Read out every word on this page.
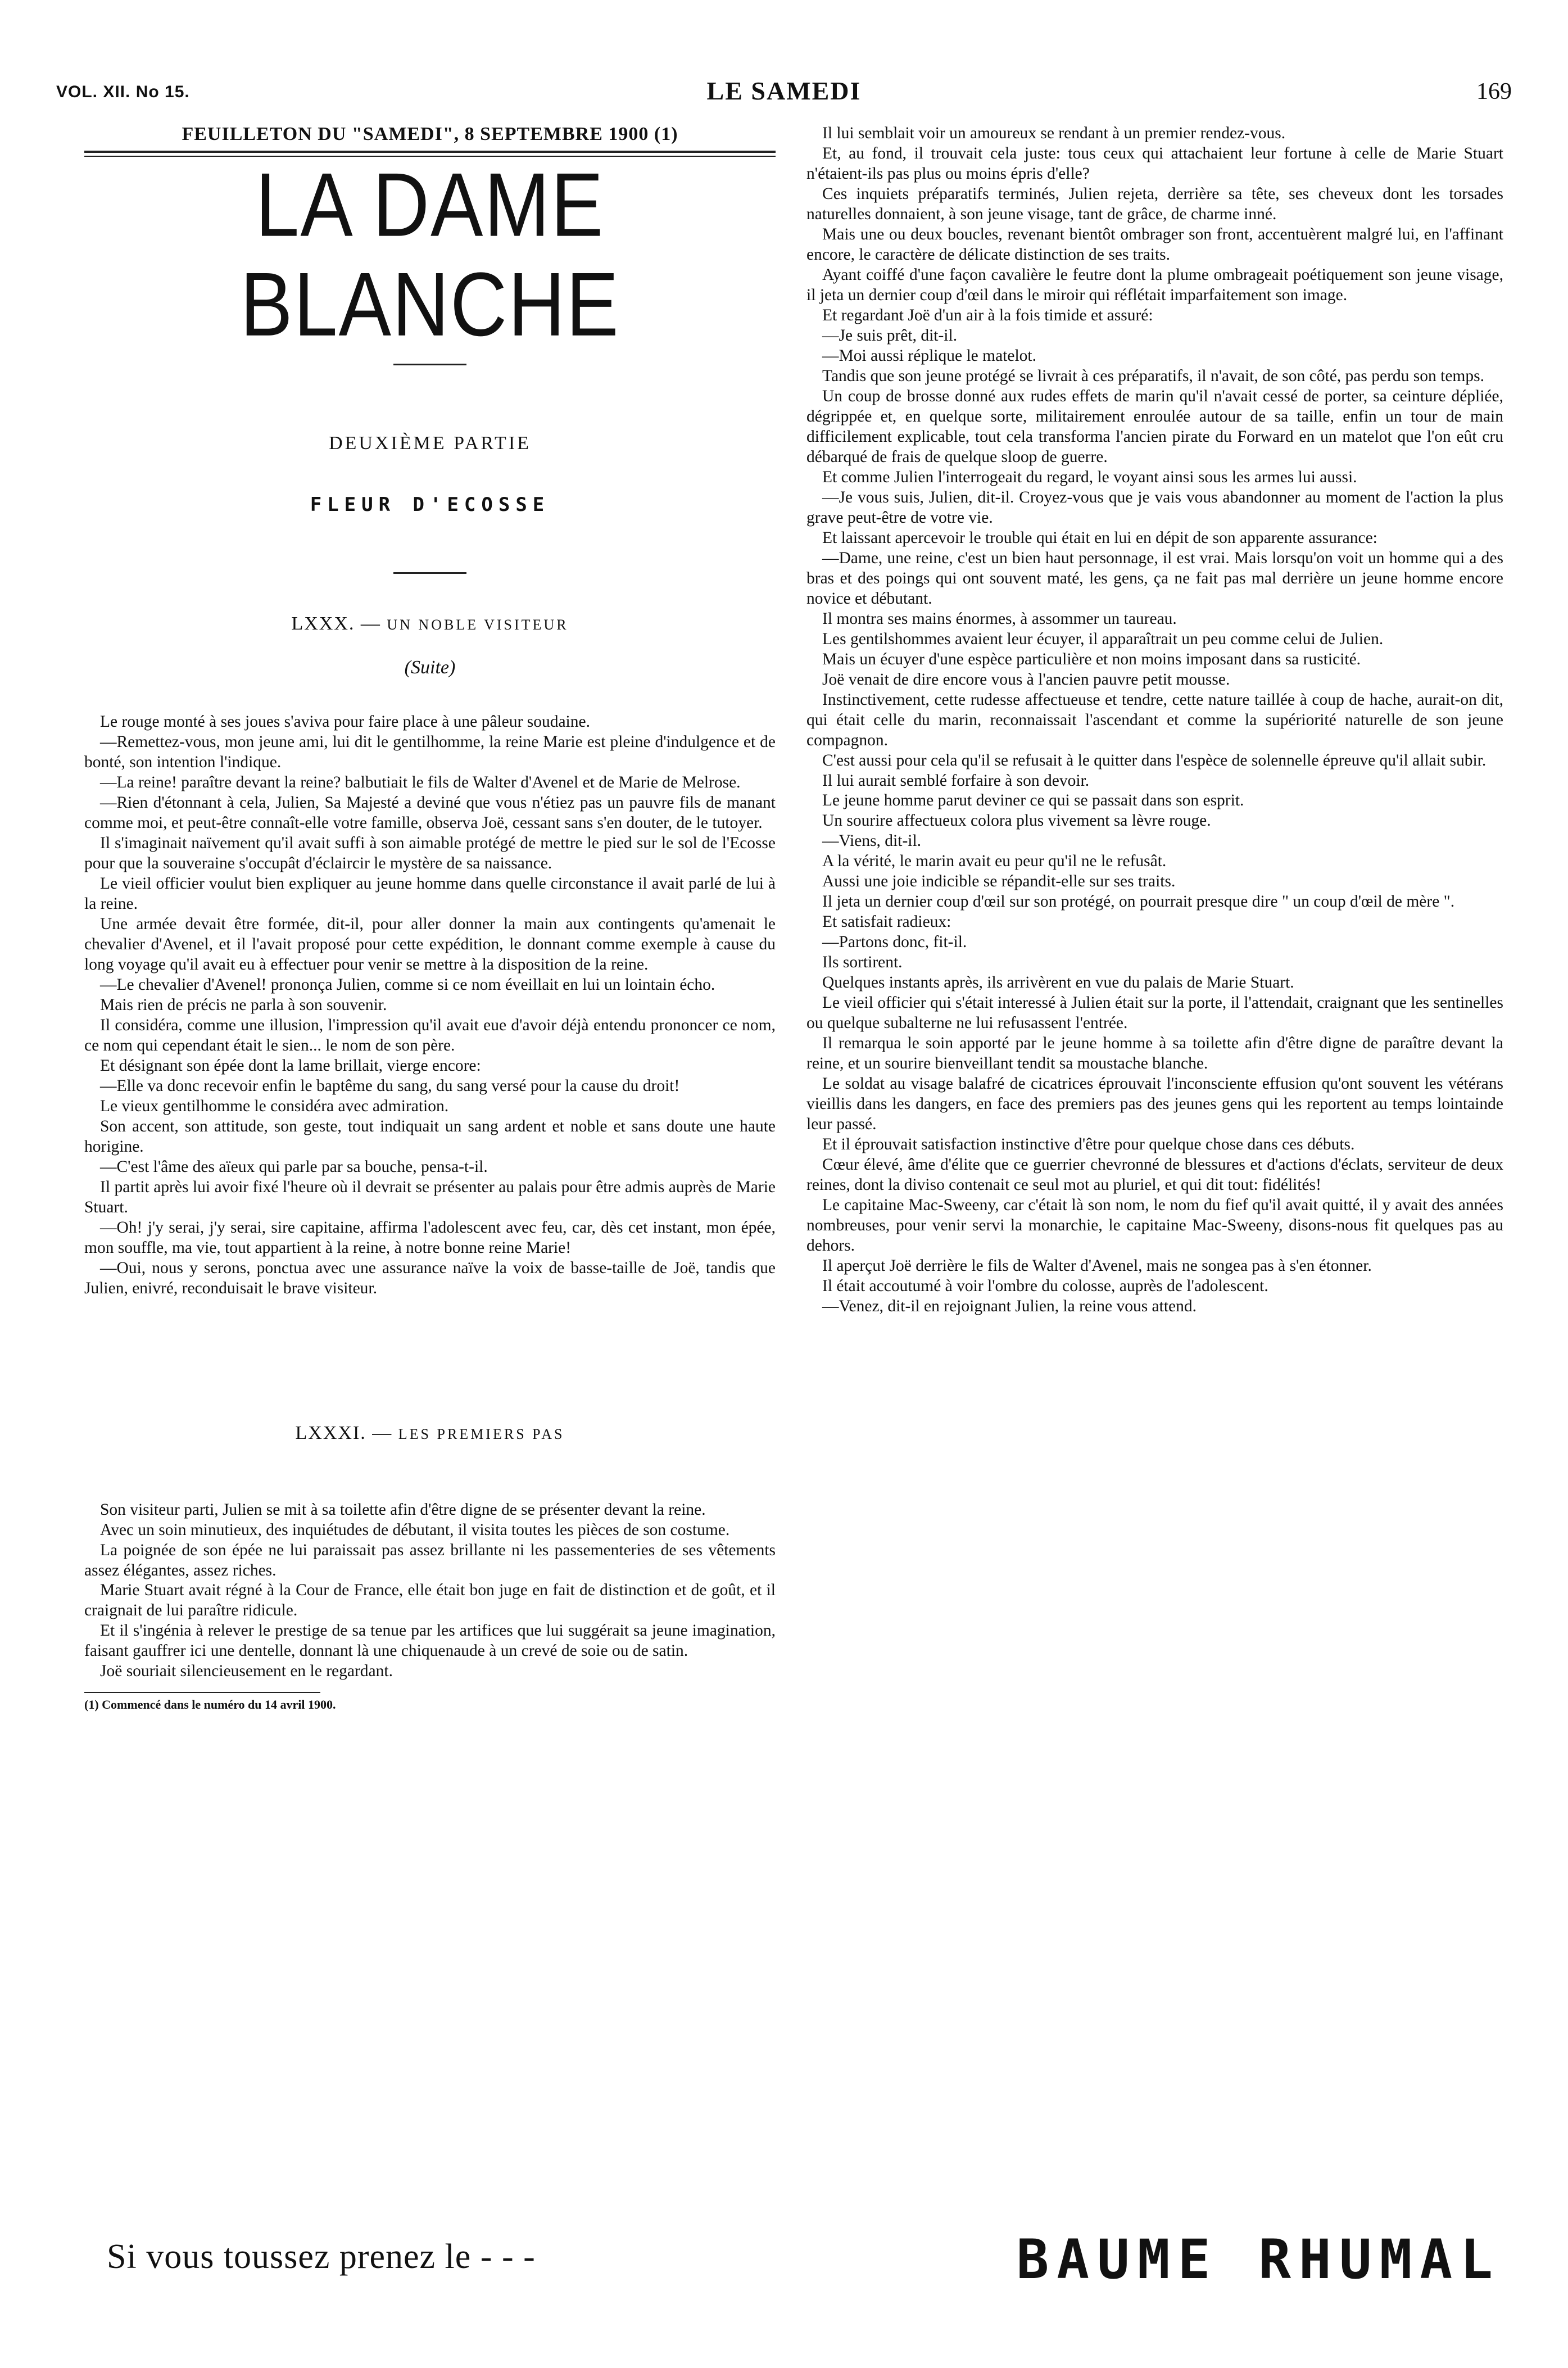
VOL. XII. No 15.	LE SAMEDI	169
FEUILLETON DU "SAMEDI", 8 SEPTEMBRE 1900 (1)
LA DAME BLANCHE
DEUXIÈME PARTIE
FLEUR D'ECOSSE
LXXX. — UN NOBLE VISITEUR
(Suite)

Le rouge monté à ses joues s'aviva pour faire place à une pâleur soudaine.

—Remettez-vous, mon jeune ami, lui dit le gentilhomme, la reine Marie est pleine d'indulgence et de bonté, son intention l'indique.

—La reine! paraître devant la reine? balbutiait le fils de Walter d'Avenel et de Marie de Melrose.

—Rien d'étonnant à cela, Julien, Sa Majesté a deviné que vous n'étiez pas un pauvre fils de manant comme moi, et peut-être connaît-elle votre famille, observa Joë, cessant sans s'en douter, de le tutoyer.

Il s'imaginait naïvement qu'il avait suffi à son aimable protégé de mettre le pied sur le sol de l'Ecosse pour que la souveraine s'occupât d'éclaircir le mystère de sa naissance.

Le vieil officier voulut bien expliquer au jeune homme dans quelle circonstance il avait parlé de lui à la reine.

Une armée devait être formée, dit-il, pour aller donner la main aux contingents qu'amenait le chevalier d'Avenel, et il l'avait proposé pour cette expédition, le donnant comme exemple à cause du long voyage qu'il avait eu à effectuer pour venir se mettre à la disposition de la reine.

—Le chevalier d'Avenel! prononça Julien, comme si ce nom éveillait en lui un lointain écho.

Mais rien de précis ne parla à son souvenir.

Il considéra, comme une illusion, l'impression qu'il avait eue d'avoir déjà entendu prononcer ce nom, ce nom qui cependant était le sien... le nom de son père.

Et désignant son épée dont la lame brillait, vierge encore:

—Elle va donc recevoir enfin le baptême du sang, du sang versé pour la cause du droit!

Le vieux gentilhomme le considéra avec admiration.

Son accent, son attitude, son geste, tout indiquait un sang ardent et noble et sans doute une haute horigine.

—C'est l'âme des aïeux qui parle par sa bouche, pensa-t-il.

Il partit après lui avoir fixé l'heure où il devrait se présenter au palais pour être admis auprès de Marie Stuart.

—Oh! j'y serai, j'y serai, sire capitaine, affirma l'adolescent avec feu, car, dès cet instant, mon épée, mon souffle, ma vie, tout appartient à la reine, à notre bonne reine Marie!

—Oui, nous y serons, ponctua avec une assurance naïve la voix de basse-taille de Joë, tandis que Julien, enivré, reconduisait le brave visiteur.

LXXXI. — LES PREMIERS PAS

Son visiteur parti, Julien se mit à sa toilette afin d'être digne de se présenter devant la reine.

Avec un soin minutieux, des inquiétudes de débutant, il visita toutes les pièces de son costume.

La poignée de son épée ne lui paraissait pas assez brillante ni les passementeries de ses vêtements assez élégantes, assez riches.

Marie Stuart avait régné à la Cour de France, elle était bon juge en fait de distinction et de goût, et il craignait de lui paraître ridicule.

Et il s'ingénia à relever le prestige de sa tenue par les artifices que lui suggérait sa jeune imagination, faisant gauffrer ici une dentelle, donnant là une chiquenaude à un crevé de soie ou de satin.

Joë souriait silencieusement en le regardant.

(1) Commencé dans le numéro du 14 avril 1900.

Il lui semblait voir un amoureux se rendant à un premier rendez-vous.

Et, au fond, il trouvait cela juste: tous ceux qui attachaient leur fortune à celle de Marie Stuart n'étaient-ils pas plus ou moins épris d'elle?

Ces inquiets préparatifs terminés, Julien rejeta, derrière sa tête, ses cheveux dont les torsades naturelles donnaient, à son jeune visage, tant de grâce, de charme inné.

Mais une ou deux boucles, revenant bientôt ombrager son front, accentuèrent malgré lui, en l'affinant encore, le caractère de délicate distinction de ses traits.

Ayant coiffé d'une façon cavalière le feutre dont la plume ombrageait poétiquement son jeune visage, il jeta un dernier coup d'œil dans le miroir qui réflétait imparfaitement son image.

Et regardant Joë d'un air à la fois timide et assuré:

—Je suis prêt, dit-il.

—Moi aussi réplique le matelot.

Tandis que son jeune protégé se livrait à ces préparatifs, il n'avait, de son côté, pas perdu son temps.

Un coup de brosse donné aux rudes effets de marin qu'il n'avait cessé de porter, sa ceinture dépliée, dégrippée et, en quelque sorte, militairement enroulée autour de sa taille, enfin un tour de main difficilement explicable, tout cela transforma l'ancien pirate du Forward en un matelot que l'on eût cru débarqué de frais de quelque sloop de guerre.

Et comme Julien l'interrogeait du regard, le voyant ainsi sous les armes lui aussi.

—Je vous suis, Julien, dit-il. Croyez-vous que je vais vous abandonner au moment de l'action la plus grave peut-être de votre vie.

Et laissant apercevoir le trouble qui était en lui en dépit de son apparente assurance:

—Dame, une reine, c'est un bien haut personnage, il est vrai. Mais lorsqu'on voit un homme qui a des bras et des poings qui ont souvent maté, les gens, ça ne fait pas mal derrière un jeune homme encore novice et débutant.

Il montra ses mains énormes, à assommer un taureau.

Les gentilshommes avaient leur écuyer, il apparaîtrait un peu comme celui de Julien.

Mais un écuyer d'une espèce particulière et non moins imposant dans sa rusticité.

Joë venait de dire encore vous à l'ancien pauvre petit mousse.

Instinctivement, cette rudesse affectueuse et tendre, cette nature taillée à coup de hache, aurait-on dit, qui était celle du marin, reconnaissait l'ascendant et comme la supériorité naturelle de son jeune compagnon.

C'est aussi pour cela qu'il se refusait à le quitter dans l'espèce de solennelle épreuve qu'il allait subir.

Il lui aurait semblé forfaire à son devoir.

Le jeune homme parut deviner ce qui se passait dans son esprit.

Un sourire affectueux colora plus vivement sa lèvre rouge.

—Viens, dit-il.

A la vérité, le marin avait eu peur qu'il ne le refusât.

Aussi une joie indicible se répandit-elle sur ses traits.

Il jeta un dernier coup d'œil sur son protégé, on pourrait presque dire " un coup d'œil de mère ".

Et satisfait radieux:

—Partons donc, fit-il.

Ils sortirent.

Quelques instants après, ils arrivèrent en vue du palais de Marie Stuart.

Le vieil officier qui s'était interessé à Julien était sur la porte, il l'attendait, craignant que les sentinelles ou quelque subalterne ne lui refusassent l'entrée.

Il remarqua le soin apporté par le jeune homme à sa toilette afin d'être digne de paraître devant la reine, et un sourire bienveillant tendit sa moustache blanche.

Le soldat au visage balafré de cicatrices éprouvait l'inconsciente effusion qu'ont souvent les vétérans vieillis dans les dangers, en face des premiers pas des jeunes gens qui les reportent au temps lointainde leur passé.

Et il éprouvait satisfaction instinctive d'être pour quelque chose dans ces débuts.

Cœur élevé, âme d'élite que ce guerrier chevronné de blessures et d'actions d'éclats, serviteur de deux reines, dont la diviso contenait ce seul mot au pluriel, et qui dit tout: fidélités!

Le capitaine Mac-Sweeny, car c'était là son nom, le nom du fief qu'il avait quitté, il y avait des années nombreuses, pour venir servi la monarchie, le capitaine Mac-Sweeny, disons-nous fit quelques pas au dehors.

Il aperçut Joë derrière le fils de Walter d'Avenel, mais ne songea pas à s'en étonner.

Il était accoutumé à voir l'ombre du colosse, auprès de l'adolescent.

—Venez, dit-il en rejoignant Julien, la reine vous attend.

Si vous toussez prenez le - - -	BAUME RHUMAL
